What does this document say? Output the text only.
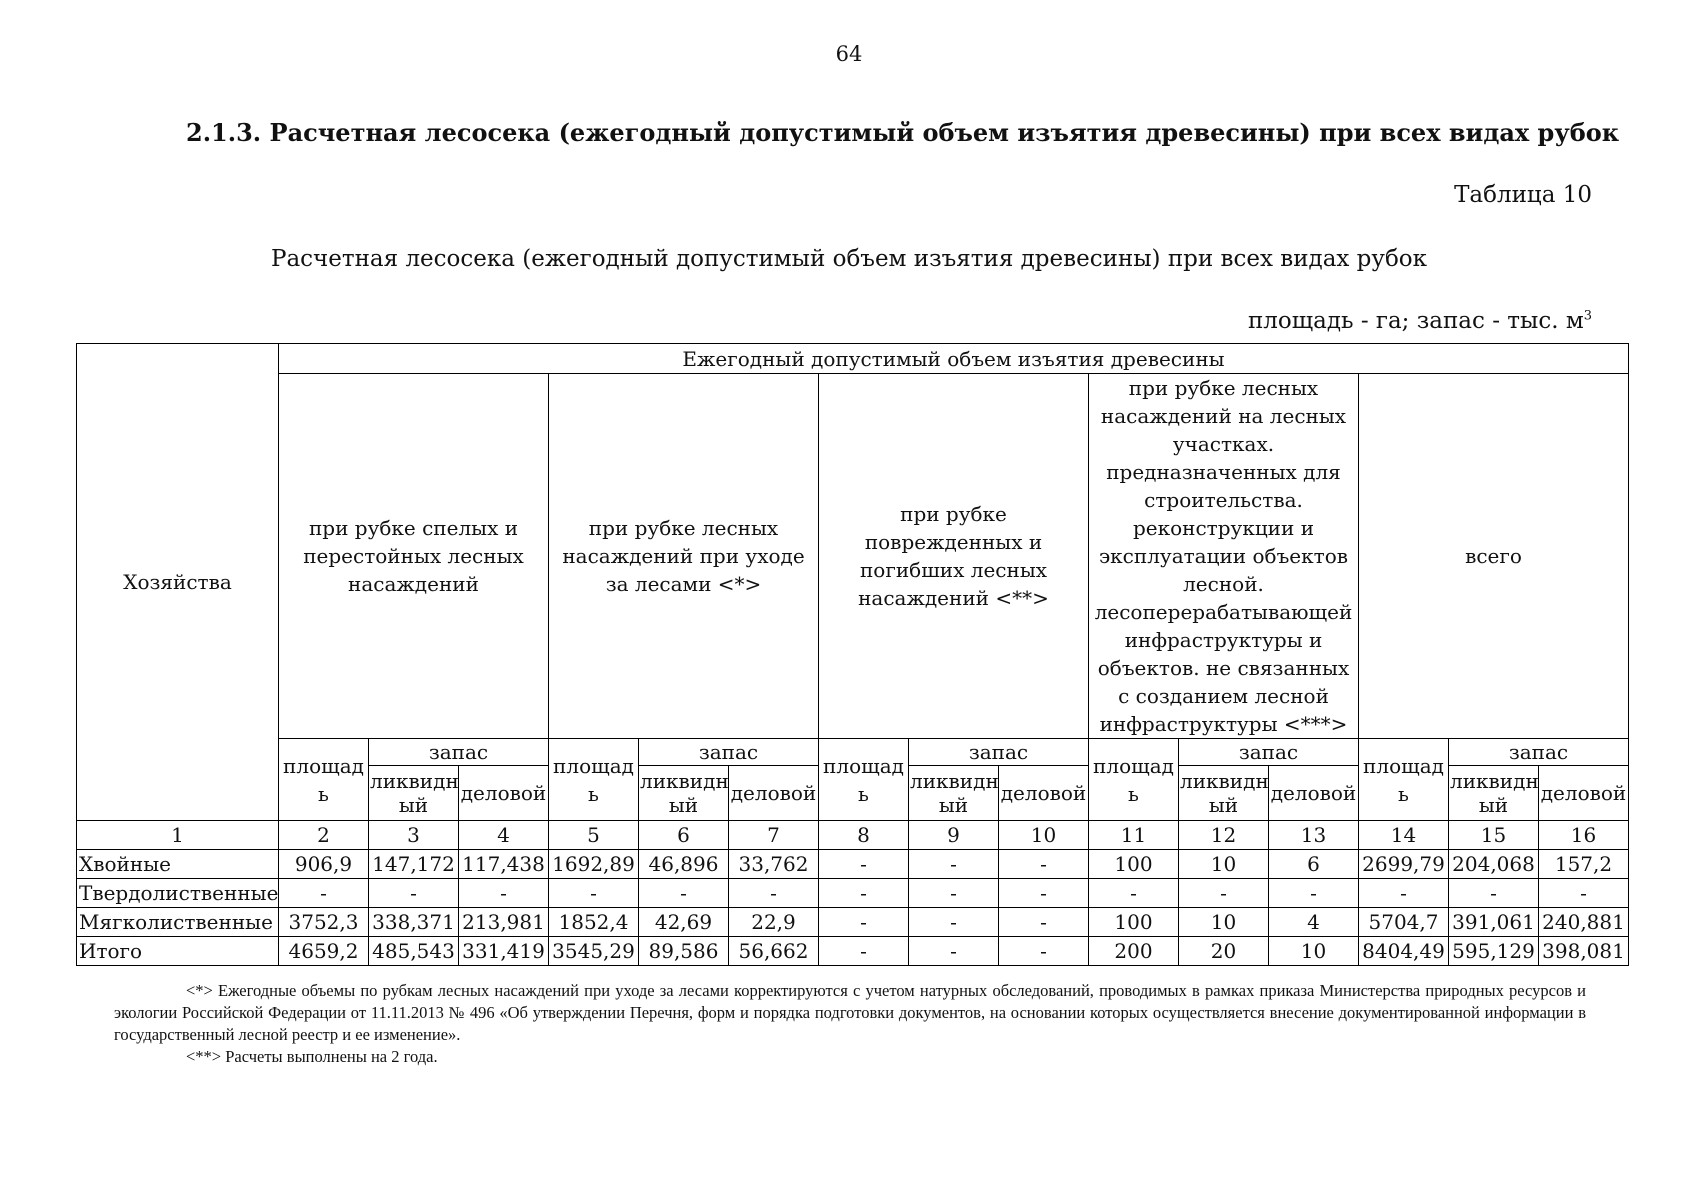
64
2.1.3. Расчетная лесосека (ежегодный допустимый объем изъятия древесины) при всех видах рубок
Таблица 10
Расчетная лесосека (ежегодный допустимый объем изъятия древесины) при всех видах рубок
площадь - га; запас - тыс. $м^3$
Хозяйства	Ежегодный допустимый объем изъятия древесины														
	при рубке спелых и перестойных лесных насаждений			при рубке лесных насаждений при уходе за лесами <*>			при рубке поврежденных и погибших лесных насаждений <**>			при рубке лесных насаждений на лесных участках. предназначенных для строительства. реконструкции и эксплуатации объектов лесной. лесоперерабатывающей инфраструктуры и объектов. не связанных с созданием лесной инфраструктуры <***>			всего		
	площад ь	запас		площад ь	запас		площад ь	запас		площад ь	запас		площад ь	запас	
		ликвидн ый	деловой		ликвидн ый	деловой		ликвидн ый	деловой		ликвидн ый	деловой		ликвидн ый	деловой
1	2	3	4	5	6	7	8	9	10	11	12	13	14	15	16
Хвойные	906,9	147,172	117,438	1692,89	46,896	33,762	-	-	-	100	10	6	2699,79	204,068	157,2
Твердолиственные	-	-	-	-	-	-	-	-	-	-	-	-	-	-	-
Мягколиственные	3752,3	338,371	213,981	1852,4	42,69	22,9	-	-	-	100	10	4	5704,7	391,061	240,881
Итого	4659,2	485,543	331,419	3545,29	89,586	56,662	-	-	-	200	20	10	8404,49	595,129	398,081

<*> Ежегодные объемы по рубкам лесных насаждений при уходе за лесами корректируются с учетом натурных обследований, проводимых в рамках приказа Министерства природных ресурсов и экологии Российской Федерации от 11.11.2013 № 496 «Об утверждении Перечня, форм и порядка подготовки документов, на основании которых осуществляется внесение документированной информации в государственный лесной реестр и ее изменение».

<**> Расчеты выполнены на 2 года.
